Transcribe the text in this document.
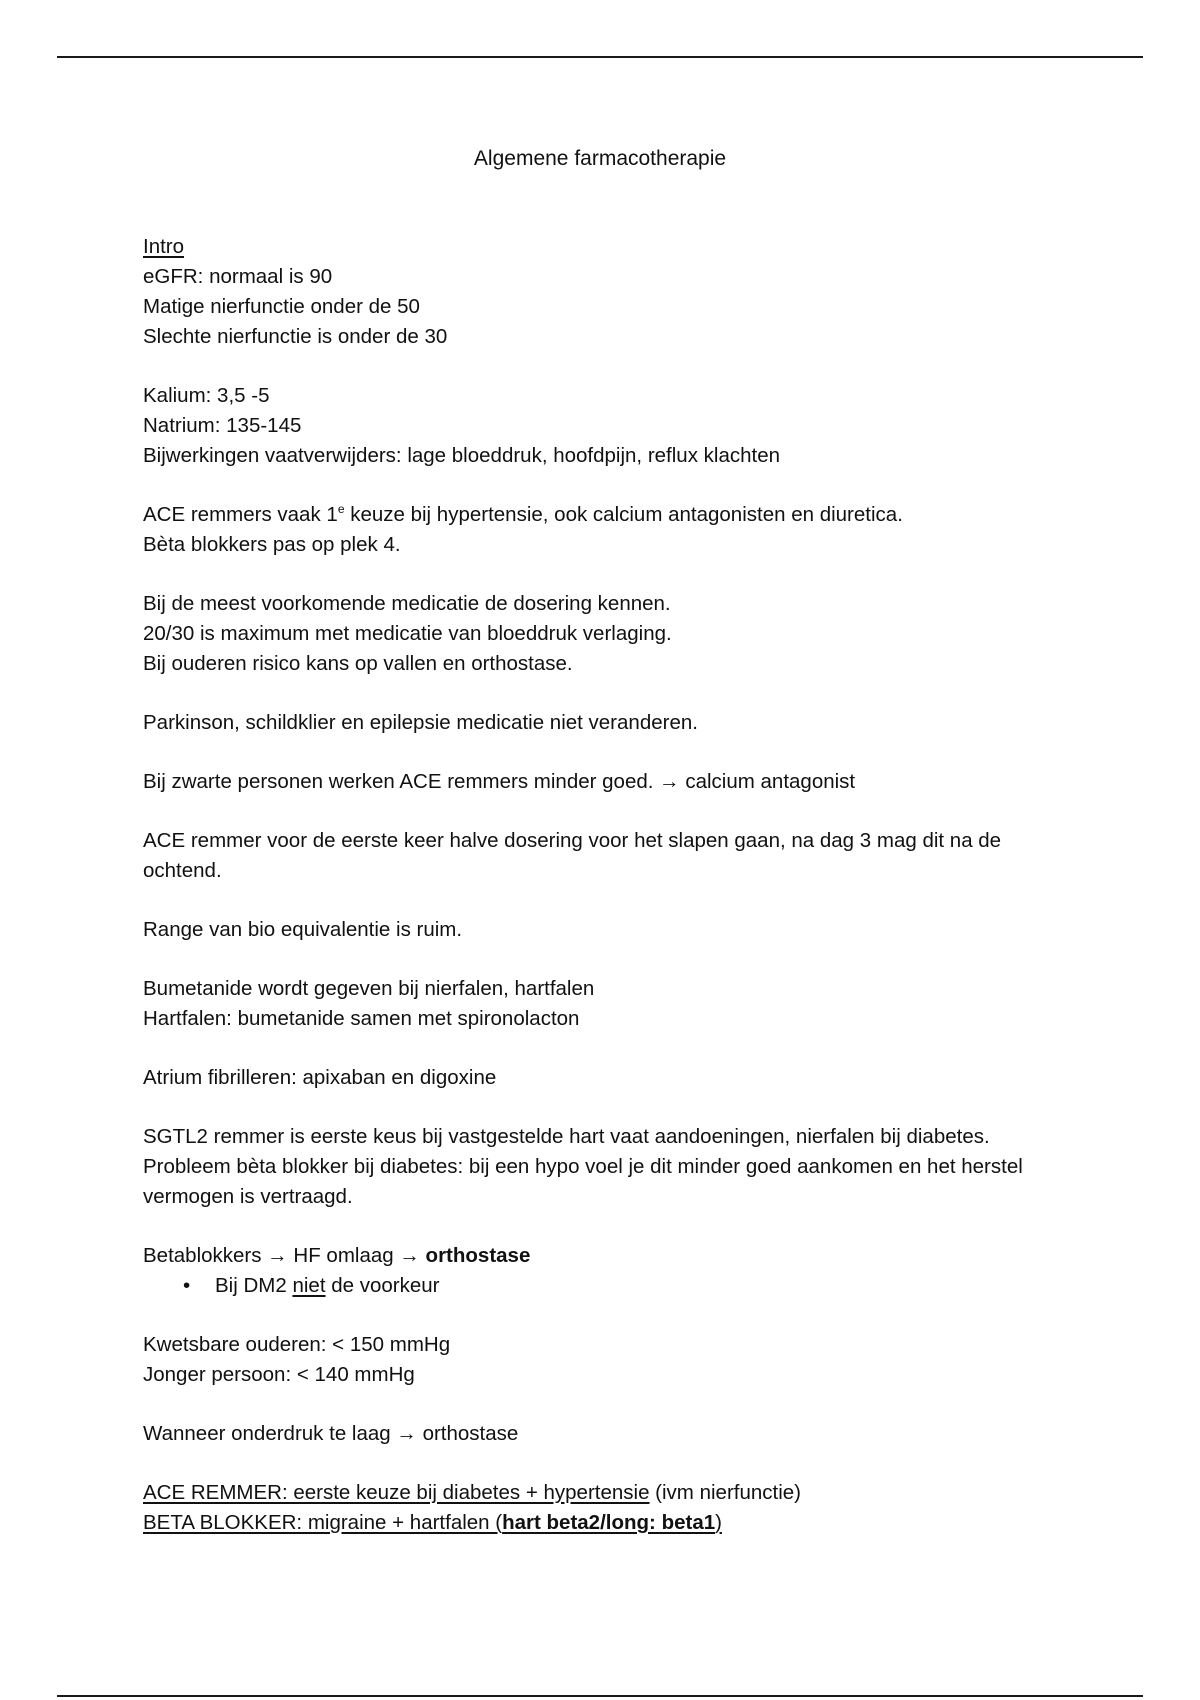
Algemene farmacotherapie
Intro
eGFR: normaal is 90
Matige nierfunctie onder de 50
Slechte nierfunctie is onder de 30
Kalium: 3,5 -5
Natrium: 135-145
Bijwerkingen vaatverwijders: lage bloeddruk, hoofdpijn, reflux klachten
ACE remmers vaak 1e keuze bij hypertensie, ook calcium antagonisten en diuretica.
Bèta blokkers pas op plek 4.
Bij de meest voorkomende medicatie de dosering kennen.
20/30 is maximum met medicatie van bloeddruk verlaging.
Bij ouderen risico kans op vallen en orthostase.
Parkinson, schildklier en epilepsie medicatie niet veranderen.
Bij zwarte personen werken ACE remmers minder goed. → calcium antagonist
ACE remmer voor de eerste keer halve dosering voor het slapen gaan, na dag 3 mag dit na de ochtend.
Range van bio equivalentie is ruim.
Bumetanide wordt gegeven bij nierfalen, hartfalen
Hartfalen: bumetanide samen met spironolacton
Atrium fibrilleren: apixaban en digoxine
SGTL2 remmer is eerste keus bij vastgestelde hart vaat aandoeningen, nierfalen bij diabetes.
Probleem bèta blokker bij diabetes: bij een hypo voel je dit minder goed aankomen en het herstel vermogen is vertraagd.
Betablokkers → HF omlaag → orthostase
• Bij DM2 niet de voorkeur
Kwetsbare ouderen: < 150 mmHg
Jonger persoon: < 140 mmHg
Wanneer onderdruk te laag → orthostase
ACE REMMER: eerste keuze bij diabetes + hypertensie (ivm nierfunctie)
BETA BLOKKER: migraine + hartfalen (hart beta2/long: beta1)
